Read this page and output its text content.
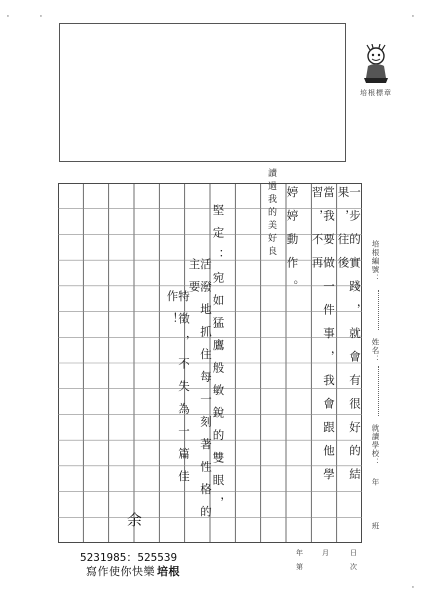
'	'	'
'
培根標章
一步的實踐，就會有很好的結果，往後
當我要做一件事，我會跟他學習，不再
婷婷動作。
堅定：宛如猛鷹般敏銳的雙眼，
活潑地抓住每一刻著性格的主要
特徵，不失為一篇佳作！
讀過我的美好良
余
培根編號：
姓名：
就讀學校：
年
班
5231985：525539
寫作使你快樂 培根
年	月	日
第	次
